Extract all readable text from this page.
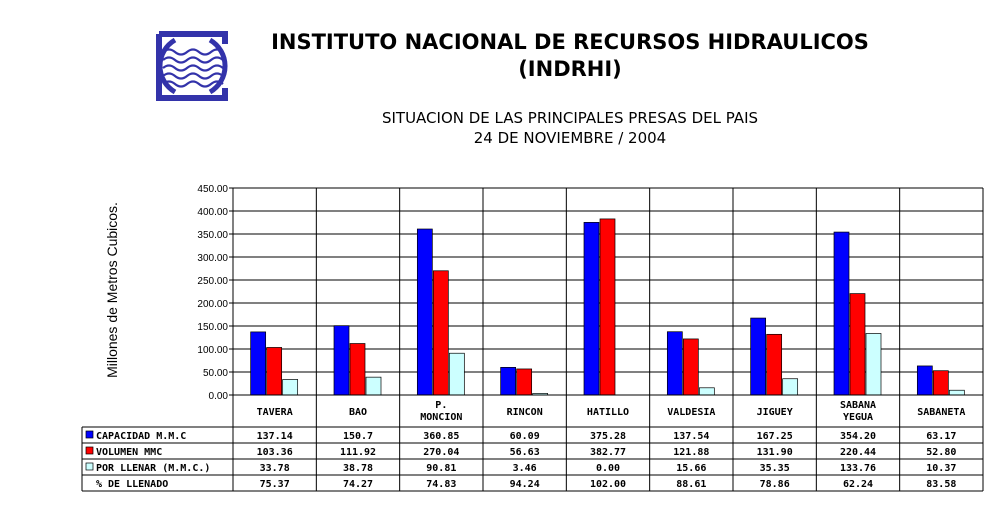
INSTITUTO NACIONAL DE RECURSOS HIDRAULICOS
(INDRHI)
SITUACION DE LAS PRINCIPALES PRESAS DEL PAIS
24 DE NOVIEMBRE / 2004
0.00
50.00
100.00
150.00
200.00
250.00
300.00
350.00
400.00
450.00
TAVERA	BAO
P.
MONCION	RINCON	HATILLO	VALDESIA	JIGUEY
SABANA
YEGUA	SABANETA
CAPACIDAD M.M.C	137.14	150.7	360.85	60.09	375.28	137.54	167.25	354.20	63.17
VOLUMEN MMC	103.36	111.92	270.04	56.63	382.77	121.88	131.90	220.44	52.80
POR LLENAR (M.M.C.)	33.78	38.78	90.81	3.46	0.00	15.66	35.35	133.76	10.37
% DE LLENADO	75.37	74.27	74.83	94.24	102.00	88.61	78.86	62.24	83.58
Millones de Metros Cubicos.
